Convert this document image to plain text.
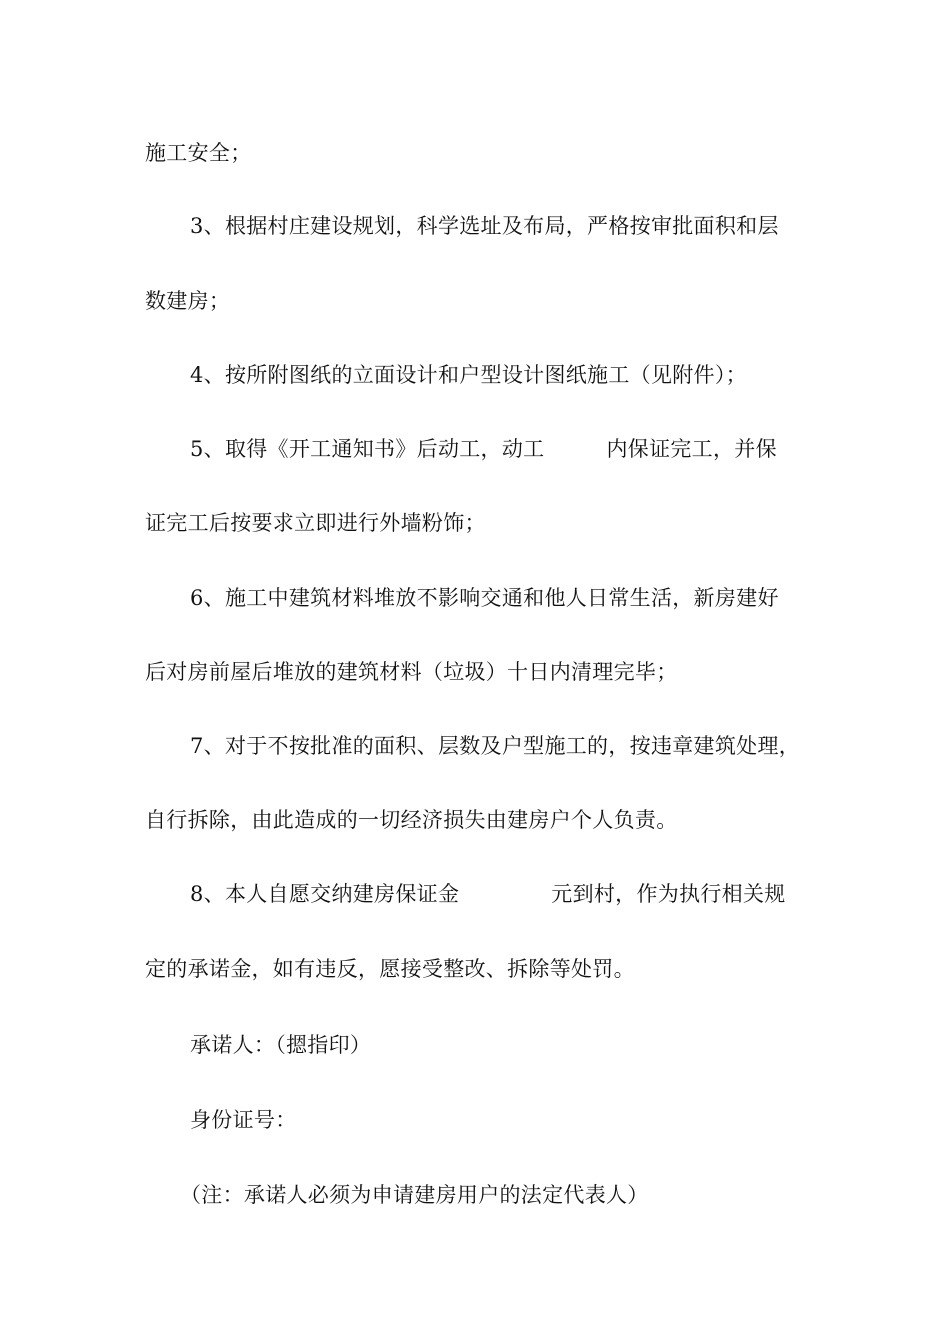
施工安全；
3、根据村庄建设规划，科学选址及布局，严格按审批面积和层
数建房；
4、按所附图纸的立面设计和户型设计图纸施工（见附件）；
5、取得《开工通知书》后动工，动工	内保证完工，并保
证完工后按要求立即进行外墙粉饰；
6、施工中建筑材料堆放不影响交通和他人日常生活，新房建好
后对房前屋后堆放的建筑材料（垃圾）十日内清理完毕；
7、对于不按批准的面积、层数及户型施工的，按违章建筑处理，
自行拆除，由此造成的一切经济损失由建房户个人负责。
8、本人自愿交纳建房保证金	元到村，作为执行相关规
定的承诺金，如有违反，愿接受整改、拆除等处罚。
承诺人：（摁指印）
身份证号：
（注：承诺人必须为申请建房用户的法定代表人）
